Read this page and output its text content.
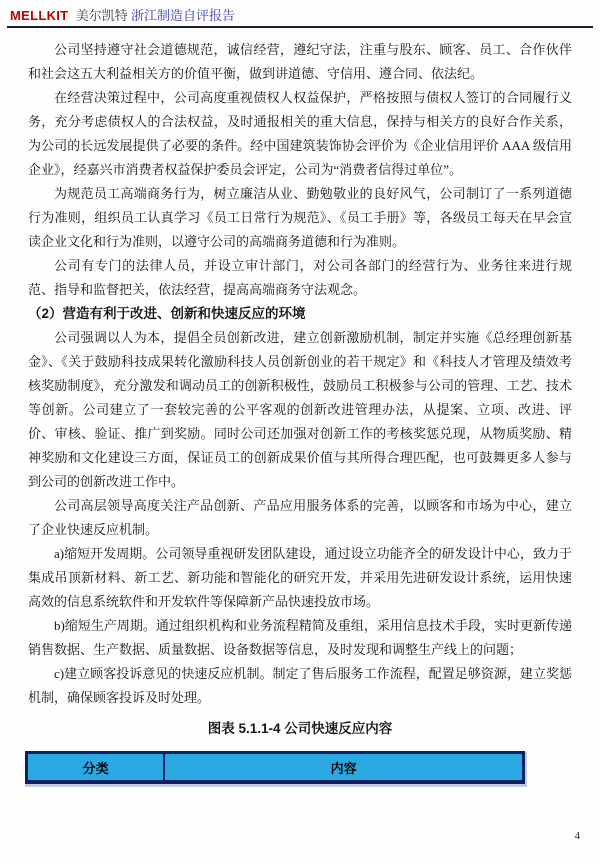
MELLKIT 美尔凯特 浙江制造自评报告

公司坚持遵守社会道德规范，诚信经营，遵纪守法，注重与股东、顾客、员工、合作伙伴和社会这五大利益相关方的价值平衡，做到讲道德、守信用、遵合同、依法纪。

在经营决策过程中，公司高度重视债权人权益保护，严格按照与债权人签订的合同履行义务，充分考虑债权人的合法权益，及时通报相关的重大信息，保持与相关方的良好合作关系，为公司的长远发展提供了必要的条件。经中国建筑装饰协会评价为《企业信用评价 AAA 级信用企业》，经嘉兴市消费者权益保护委员会评定，公司为“消费者信得过单位”。

为规范员工高端商务行为，树立廉洁从业、勤勉敬业的良好风气，公司制订了一系列道德行为准则，组织员工认真学习《员工日常行为规范》、《员工手册》等，各级员工每天在早会宣读企业文化和行为准则，以遵守公司的高端商务道德和行为准则。

公司有专门的法律人员，并设立审计部门，对公司各部门的经营行为、业务往来进行规范、指导和监督把关，依法经营，提高高端商务守法观念。

（2）营造有利于改进、创新和快速反应的环境

公司强调以人为本，提倡全员创新改进，建立创新激励机制，制定并实施《总经理创新基金》、《关于鼓励科技成果转化激励科技人员创新创业的若干规定》和《科技人才管理及绩效考核奖励制度》，充分激发和调动员工的创新积极性，鼓励员工积极参与公司的管理、工艺、技术等创新。公司建立了一套较完善的公平客观的创新改进管理办法，从提案、立项、改进、评价、审核、验证、推广到奖励。同时公司还加强对创新工作的考核奖惩兑现，从物质奖励、精神奖励和文化建设三方面，保证员工的创新成果价值与其所得合理匹配，也可鼓舞更多人参与到公司的创新改进工作中。

公司高层领导高度关注产品创新、产品应用服务体系的完善，以顾客和市场为中心，建立了企业快速反应机制。

a)缩短开发周期。公司领导重视研发团队建设，通过设立功能齐全的研发设计中心，致力于集成吊顶新材料、新工艺、新功能和智能化的研究开发，并采用先进研发设计系统，运用快速高效的信息系统软件和开发软件等保障新产品快速投放市场。

b)缩短生产周期。通过组织机构和业务流程精简及重组，采用信息技术手段，实时更新传递销售数据、生产数据、质量数据、设备数据等信息，及时发现和调整生产线上的问题；

c)建立顾客投诉意见的快速反应机制。制定了售后服务工作流程，配置足够资源，建立奖惩机制，确保顾客投诉及时处理。

图表 5.1.1-4 公司快速反应内容
分类	内容
4
